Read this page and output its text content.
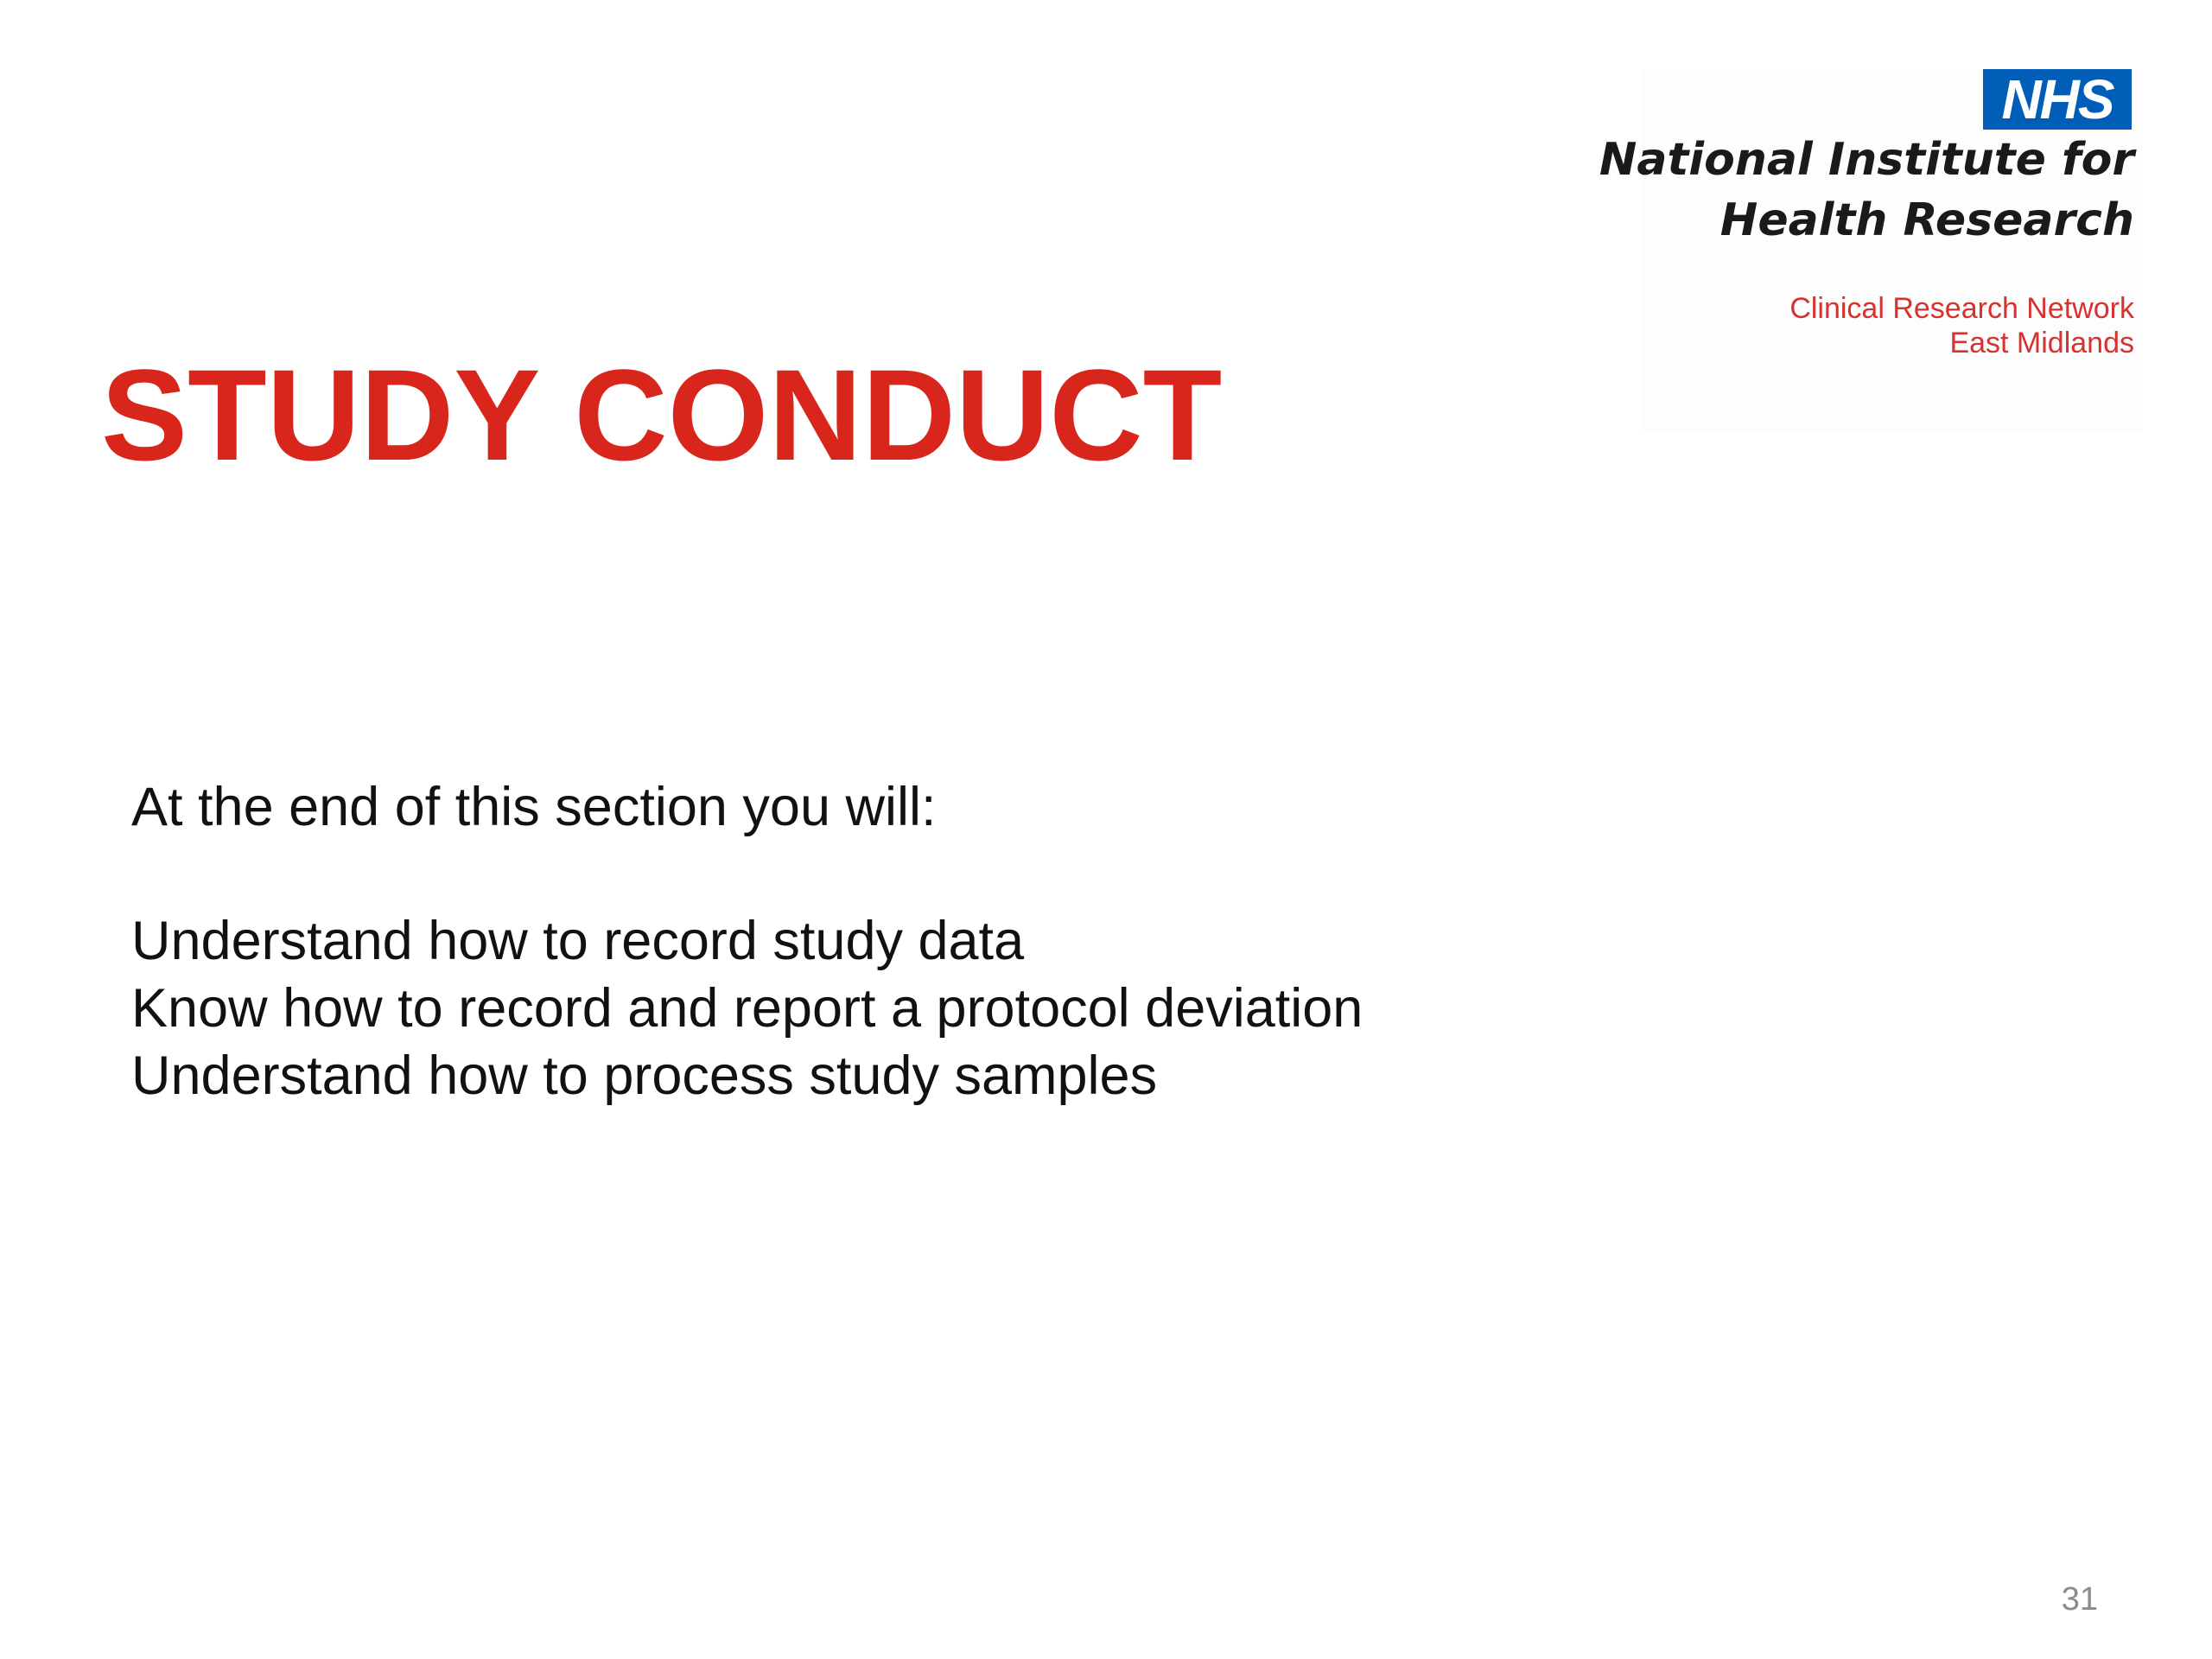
NHS
National Institute for
Health Research
Clinical Research Network
East Midlands
STUDY CONDUCT

At the end of this section you will:

Understand how to record study data
Know how to record and report a protocol deviation
Understand how to process study samples
31
